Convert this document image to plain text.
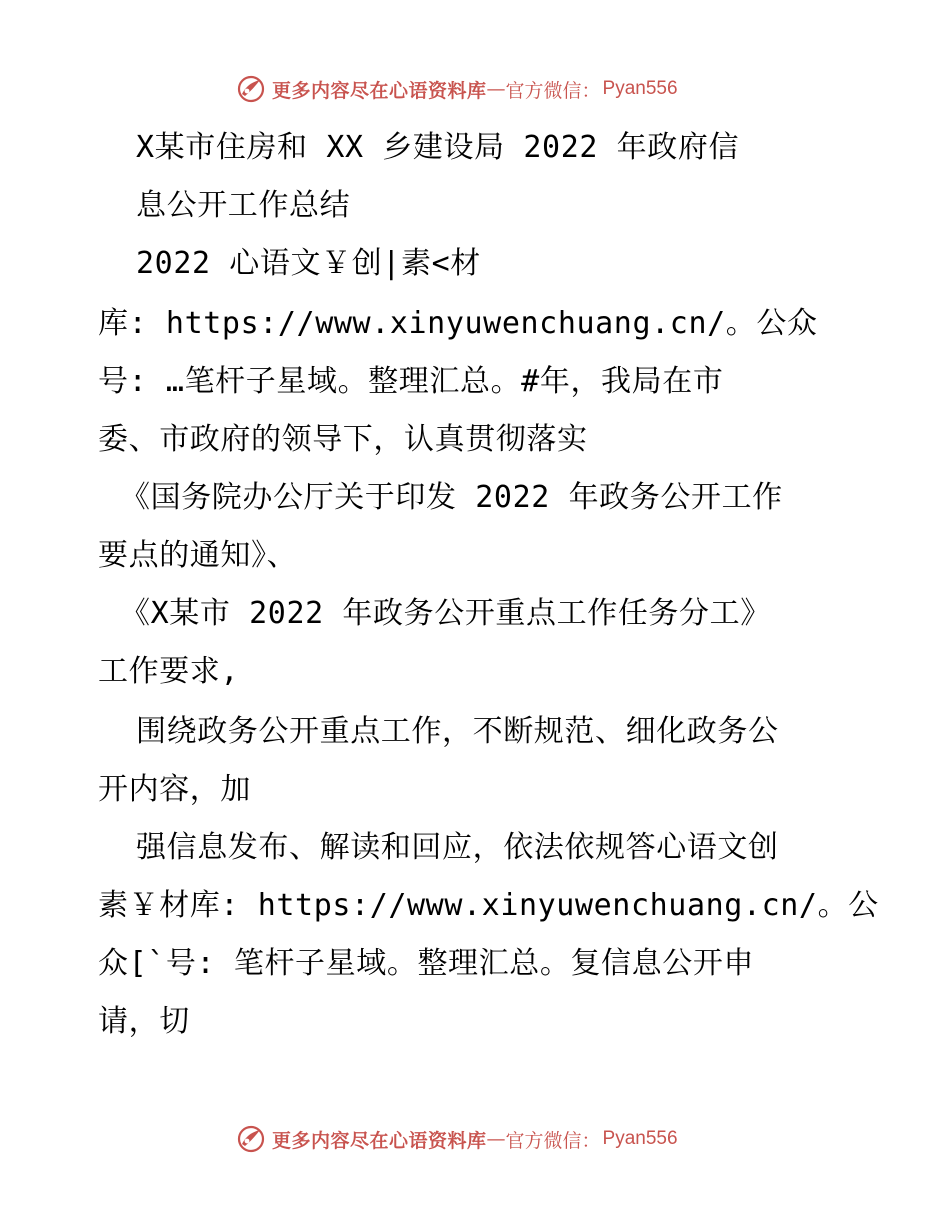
更多内容尽在心语资料库 — 官方微信： Pyan556
X某市住房和 XX 乡建设局 2022 年政府信
息公开工作总结
2022 心语文￥创|素<材
库: https://www.xinyuwenchuang.cn/。公众
号: …笔杆子星域。整理汇总。#年，我局在市
委、市政府的领导下，认真贯彻落实
《国务院办公厅关于印发 2022 年政务公开工作
要点的通知》、
《X某市 2022 年政务公开重点工作任务分工》
工作要求,
围绕政务公开重点工作，不断规范、细化政务公
开内容，加
强信息发布、解读和回应，依法依规答心语文创
素￥材库: https://www.xinyuwenchuang.cn/。公
众[`号: 笔杆子星域。整理汇总。复信息公开申
请，切
更多内容尽在心语资料库 — 官方微信： Pyan556
